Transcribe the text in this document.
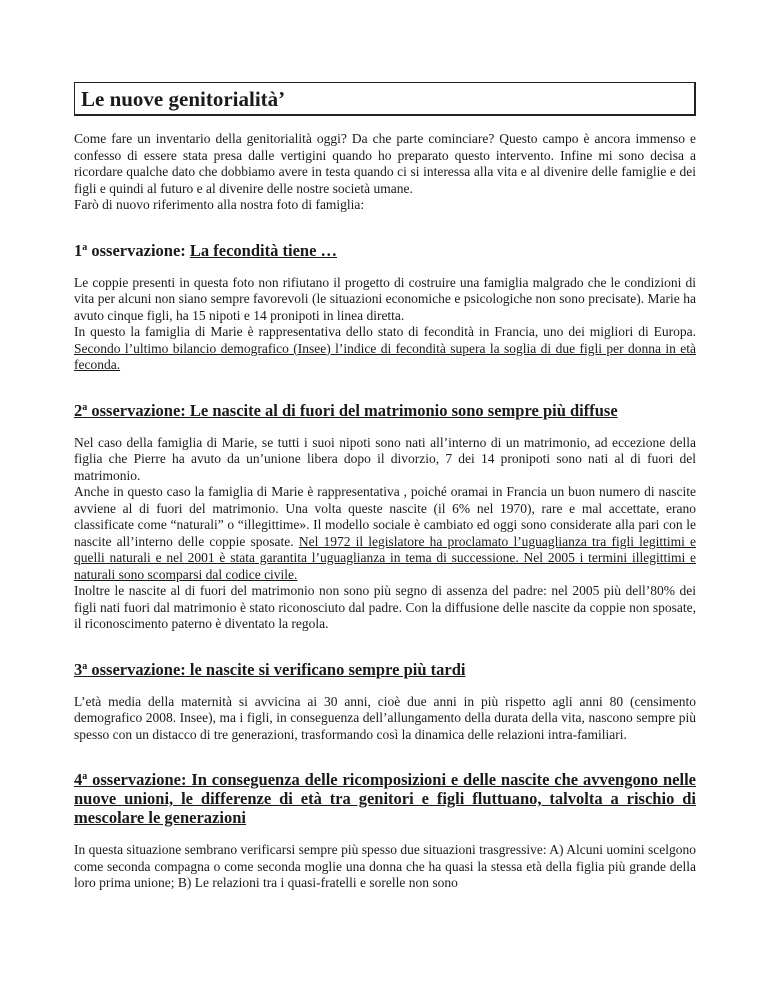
Le nuove genitorialità’

Come fare un inventario della genitorialità oggi? Da che parte cominciare? Questo campo è ancora immenso e confesso di essere stata presa dalle vertigini quando ho preparato questo intervento. Infine mi sono decisa a ricordare qualche dato che dobbiamo avere in testa quando ci si interessa alla vita e al divenire delle famiglie e dei figli e quindi al futuro e al divenire delle nostre società umane.

Farò di nuovo riferimento alla nostra foto di famiglia:

1$^a$ osservazione: La fecondità tiene …

Le coppie presenti in questa foto non rifiutano il progetto di costruire una famiglia malgrado che le condizioni di vita per alcuni non siano sempre favorevoli (le situazioni economiche e psicologiche non sono precisate). Marie ha avuto cinque figli, ha 15 nipoti e 14 pronipoti in linea diretta.

In questo la famiglia di Marie è rappresentativa dello stato di fecondità in Francia, uno dei migliori di Europa. Secondo l’ultimo bilancio demografico (Insee) l’indice di fecondità supera la soglia di due figli per donna in età feconda.

2$^a$ osservazione: Le nascite al di fuori del matrimonio sono sempre più diffuse

Nel caso della famiglia di Marie, se tutti i suoi nipoti sono nati all’interno di un matrimonio, ad eccezione della figlia che Pierre ha avuto da un’unione libera dopo il divorzio, 7 dei 14 pronipoti sono nati al di fuori del matrimonio.

Anche in questo caso la famiglia di Marie è rappresentativa , poiché oramai in Francia un buon numero di nascite avviene al di fuori del matrimonio. Una volta queste nascite (il 6% nel 1970), rare e mal accettate, erano classificate come “naturali” o “illegittime». Il modello sociale è cambiato ed oggi sono considerate alla pari con le nascite all’interno delle coppie sposate. Nel 1972 il legislatore ha proclamato l’uguaglianza tra figli legittimi e quelli naturali e nel 2001 è stata garantita l’uguaglianza in tema di successione. Nel 2005 i termini illegittimi e naturali sono scomparsi dal codice civile.

Inoltre le nascite al di fuori del matrimonio non sono più segno di assenza del padre: nel 2005 più dell’80% dei figli nati fuori dal matrimonio è stato riconosciuto dal padre. Con la diffusione delle nascite da coppie non sposate, il riconoscimento paterno è diventato la regola.

3$^a$ osservazione: le nascite si verificano sempre più tardi

L’età media della maternità si avvicina ai 30 anni, cioè due anni in più rispetto agli anni 80 (censimento demografico 2008. Insee), ma i figli, in conseguenza dell’allungamento della durata della vita, nascono sempre più spesso con un distacco di tre generazioni, trasformando così la dinamica delle relazioni intra-familiari.

4$^a$ osservazione: In conseguenza delle ricomposizioni e delle nascite che avvengono nelle nuove unioni, le differenze di età tra genitori e figli fluttuano, talvolta a rischio di mescolare le generazioni

In questa situazione sembrano verificarsi sempre più spesso due situazioni trasgressive: A) Alcuni uomini scelgono come seconda compagna o come seconda moglie una donna che ha quasi la stessa età della figlia più grande della loro prima unione; B) Le relazioni tra i quasi-fratelli e sorelle non sono
